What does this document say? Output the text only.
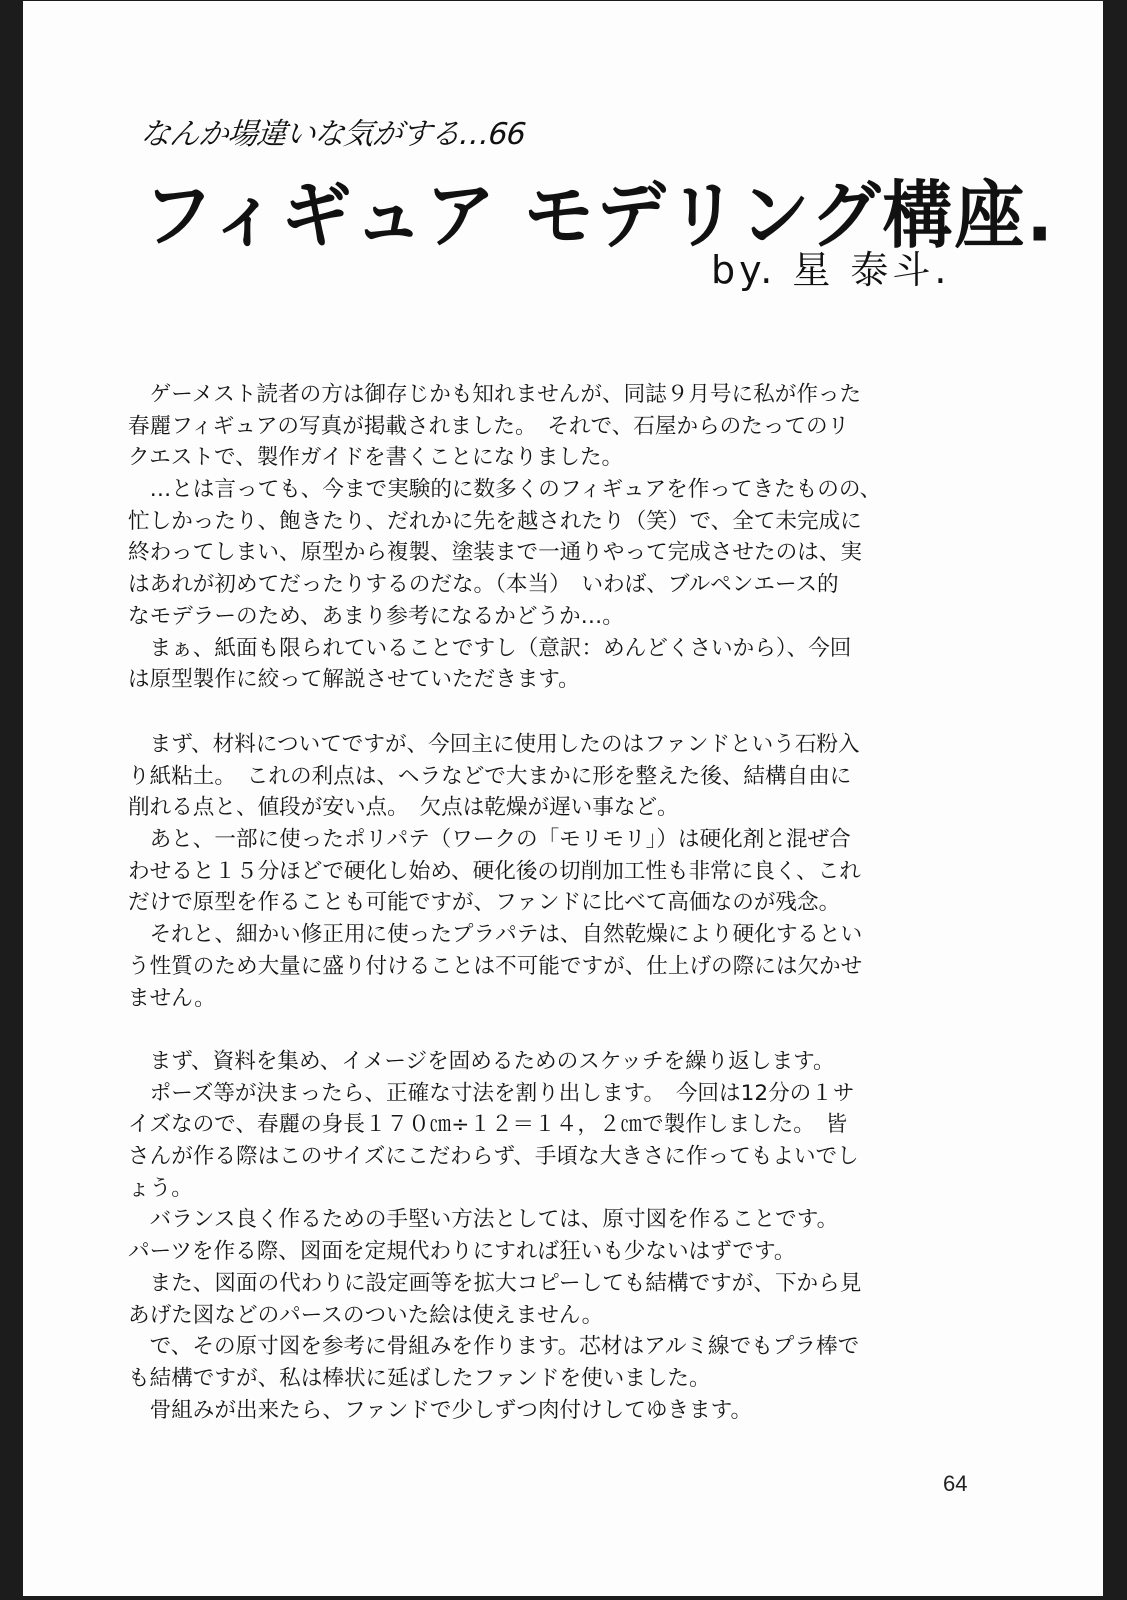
なんか場違いな気がする…66
フィギュア モデリング構座.
by. 星 泰斗.
　ゲーメスト読者の方は御存じかも知れませんが、同誌９月号に私が作った
春麗フィギュアの写真が掲載されました。　それで、石屋からのたってのリ
クエストで、製作ガイドを書くことになりました。
　…とは言っても、今まで実験的に数多くのフィギュアを作ってきたものの、
忙しかったり、飽きたり、だれかに先を越されたり（笑）で、全て未完成に
終わってしまい、原型から複製、塗装まで一通りやって完成させたのは、実
はあれが初めてだったりするのだな。（本当）　いわば、ブルペンエース的
なモデラーのため、あまり参考になるかどうか…。
　まぁ、紙面も限られていることですし（意訳：めんどくさいから）、今回
は原型製作に絞って解説させていただきます。
　まず、材料についてですが、今回主に使用したのはファンドという石粉入
り紙粘土。　これの利点は、ヘラなどで大まかに形を整えた後、結構自由に
削れる点と、値段が安い点。　欠点は乾燥が遅い事など。
　あと、一部に使ったポリパテ（ワークの「モリモリ」）は硬化剤と混ぜ合
わせると１５分ほどで硬化し始め、硬化後の切削加工性も非常に良く、これ
だけで原型を作ることも可能ですが、ファンドに比べて高価なのが残念。
　それと、細かい修正用に使ったプラパテは、自然乾燥により硬化するとい
う性質のため大量に盛り付けることは不可能ですが、仕上げの際には欠かせ
ません。
　まず、資料を集め、イメージを固めるためのスケッチを繰り返します。
　ポーズ等が決まったら、正確な寸法を割り出します。　今回は12分の１サ
イズなので、春麗の身長１７０㎝÷１２＝１４，２㎝で製作しました。　皆
さんが作る際はこのサイズにこだわらず、手頃な大きさに作ってもよいでし
ょう。
　バランス良く作るための手堅い方法としては、原寸図を作ることです。
パーツを作る際、図面を定規代わりにすれば狂いも少ないはずです。
　また、図面の代わりに設定画等を拡大コピーしても結構ですが、下から見
あげた図などのパースのついた絵は使えません。
　で、その原寸図を参考に骨組みを作ります。芯材はアルミ線でもプラ棒で
も結構ですが、私は棒状に延ばしたファンドを使いました。
　骨組みが出来たら、ファンドで少しずつ肉付けしてゆきます。
64
